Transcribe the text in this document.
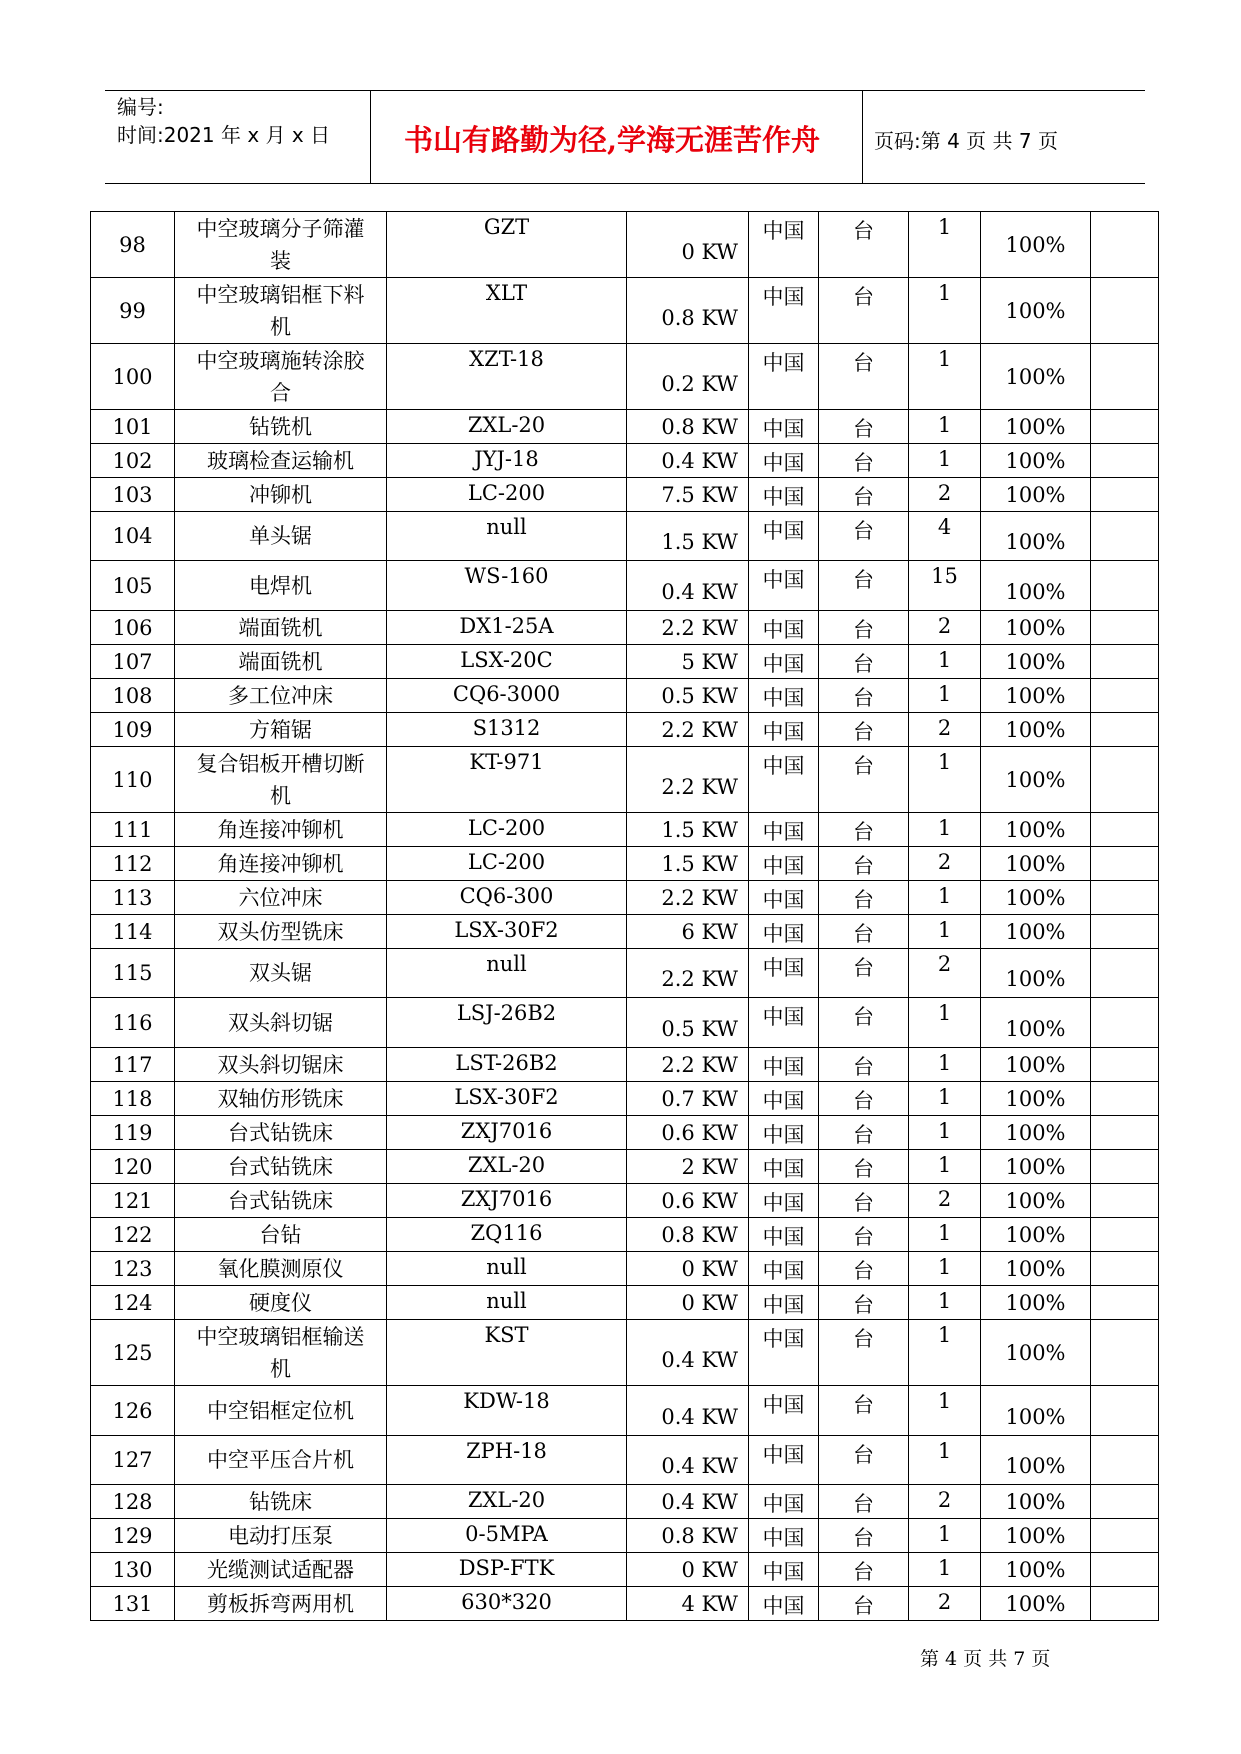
编号:
时间:2021 年 x 月 x 日	书山有路勤为径,学海无涯苦作舟	页码:第 4 页 共 7 页
98	中空玻璃分子筛灌装	GZT	0 KW	中国	台	1	100%	
99	中空玻璃铝框下料机	XLT	0.8 KW	中国	台	1	100%	
100	中空玻璃施转涂胶合	XZT-18	0.2 KW	中国	台	1	100%	
101	钻铣机	ZXL-20	0.8 KW	中国	台	1	100%	
102	玻璃检查运输机	JYJ-18	0.4 KW	中国	台	1	100%	
103	冲铆机	LC-200	7.5 KW	中国	台	2	100%	
104	单头锯	null	1.5 KW	中国	台	4	100%	
105	电焊机	WS-160	0.4 KW	中国	台	15	100%	
106	端面铣机	DX1-25A	2.2 KW	中国	台	2	100%	
107	端面铣机	LSX-20C	5 KW	中国	台	1	100%	
108	多工位冲床	CQ6-3000	0.5 KW	中国	台	1	100%	
109	方箱锯	S1312	2.2 KW	中国	台	2	100%	
110	复合铝板开槽切断机	KT-971	2.2 KW	中国	台	1	100%	
111	角连接冲铆机	LC-200	1.5 KW	中国	台	1	100%	
112	角连接冲铆机	LC-200	1.5 KW	中国	台	2	100%	
113	六位冲床	CQ6-300	2.2 KW	中国	台	1	100%	
114	双头仿型铣床	LSX-30F2	6 KW	中国	台	1	100%	
115	双头锯	null	2.2 KW	中国	台	2	100%	
116	双头斜切锯	LSJ-26B2	0.5 KW	中国	台	1	100%	
117	双头斜切锯床	LST-26B2	2.2 KW	中国	台	1	100%	
118	双轴仿形铣床	LSX-30F2	0.7 KW	中国	台	1	100%	
119	台式钻铣床	ZXJ7016	0.6 KW	中国	台	1	100%	
120	台式钻铣床	ZXL-20	2 KW	中国	台	1	100%	
121	台式钻铣床	ZXJ7016	0.6 KW	中国	台	2	100%	
122	台钻	ZQ116	0.8 KW	中国	台	1	100%	
123	氧化膜测原仪	null	0 KW	中国	台	1	100%	
124	硬度仪	null	0 KW	中国	台	1	100%	
125	中空玻璃铝框输送机	KST	0.4 KW	中国	台	1	100%	
126	中空铝框定位机	KDW-18	0.4 KW	中国	台	1	100%	
127	中空平压合片机	ZPH-18	0.4 KW	中国	台	1	100%	
128	钻铣床	ZXL-20	0.4 KW	中国	台	2	100%	
129	电动打压泵	0-5MPA	0.8 KW	中国	台	1	100%	
130	光缆测试适配器	DSP-FTK	0 KW	中国	台	1	100%	
131	剪板拆弯两用机	630*320	4 KW	中国	台	2	100%	
第 4 页 共 7 页
